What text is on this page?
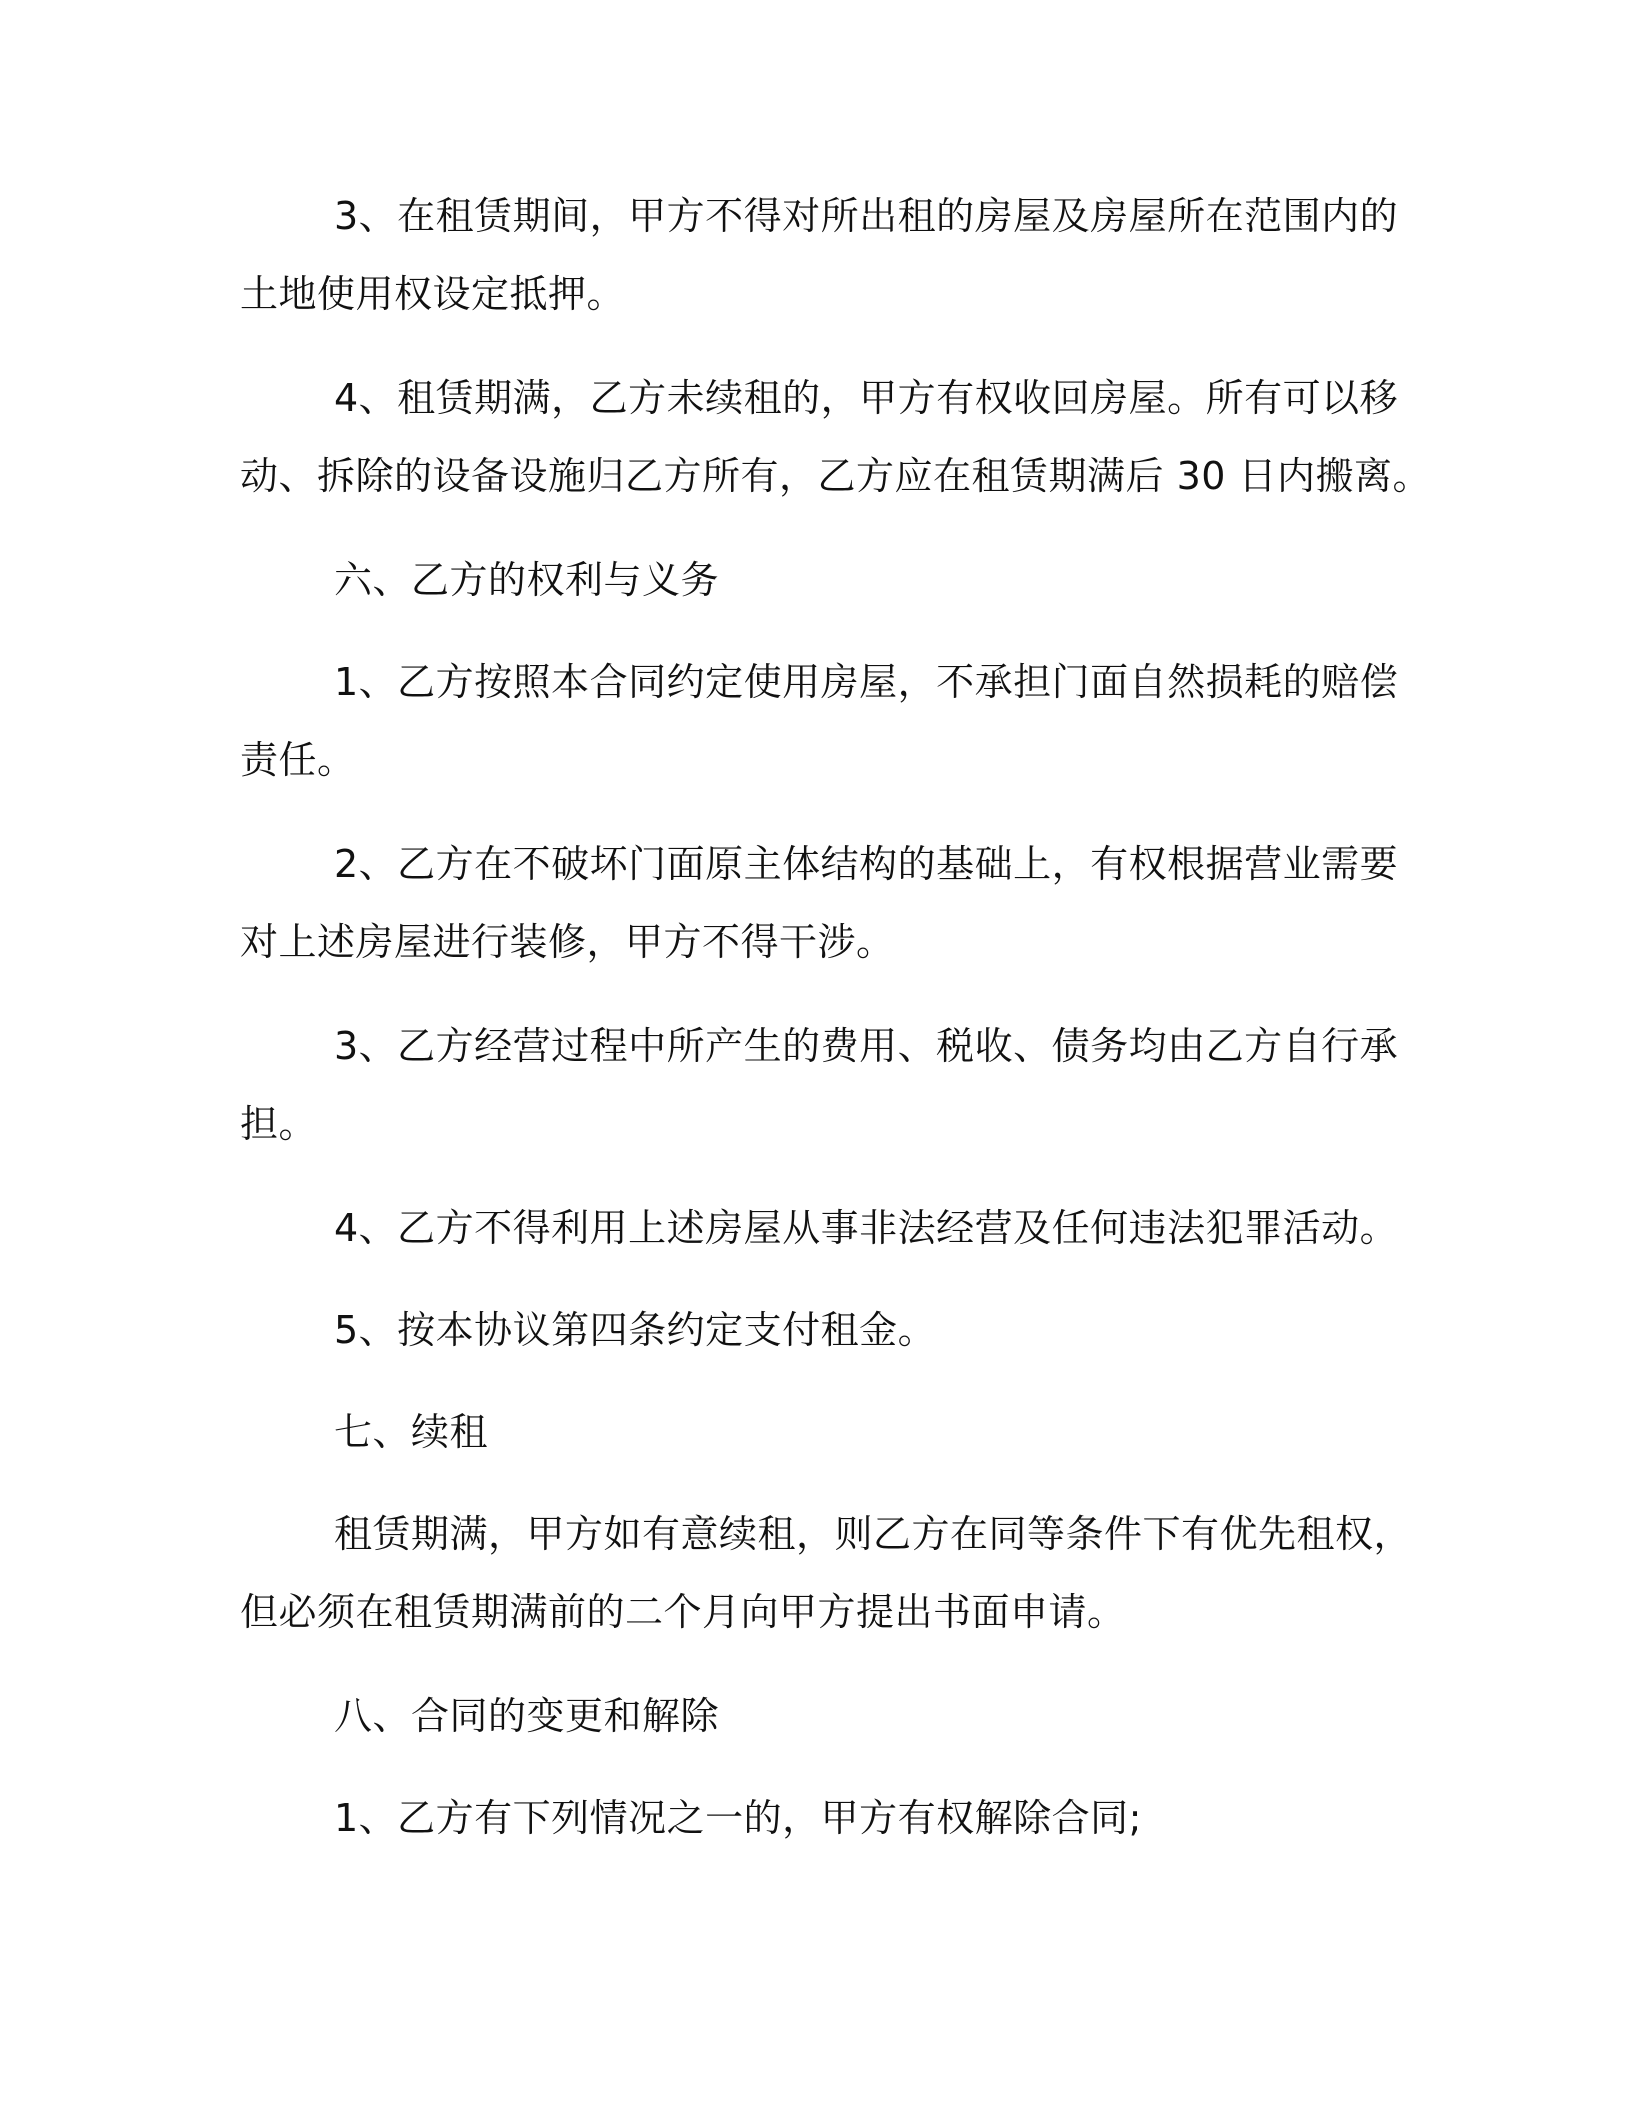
3、在租赁期间，甲方不得对所出租的房屋及房屋所在范围内的
土地使用权设定抵押。
4、租赁期满，乙方未续租的，甲方有权收回房屋。所有可以移
动、拆除的设备设施归乙方所有，乙方应在租赁期满后 30 日内搬离。
六、乙方的权利与义务
1、乙方按照本合同约定使用房屋，不承担门面自然损耗的赔偿
责任。
2、乙方在不破坏门面原主体结构的基础上，有权根据营业需要
对上述房屋进行装修，甲方不得干涉。
3、乙方经营过程中所产生的费用、税收、债务均由乙方自行承
担。
4、乙方不得利用上述房屋从事非法经营及任何违法犯罪活动。
5、按本协议第四条约定支付租金。
七、续租
租赁期满，甲方如有意续租，则乙方在同等条件下有优先租权，
但必须在租赁期满前的二个月向甲方提出书面申请。
八、合同的变更和解除
1、乙方有下列情况之一的，甲方有权解除合同;
